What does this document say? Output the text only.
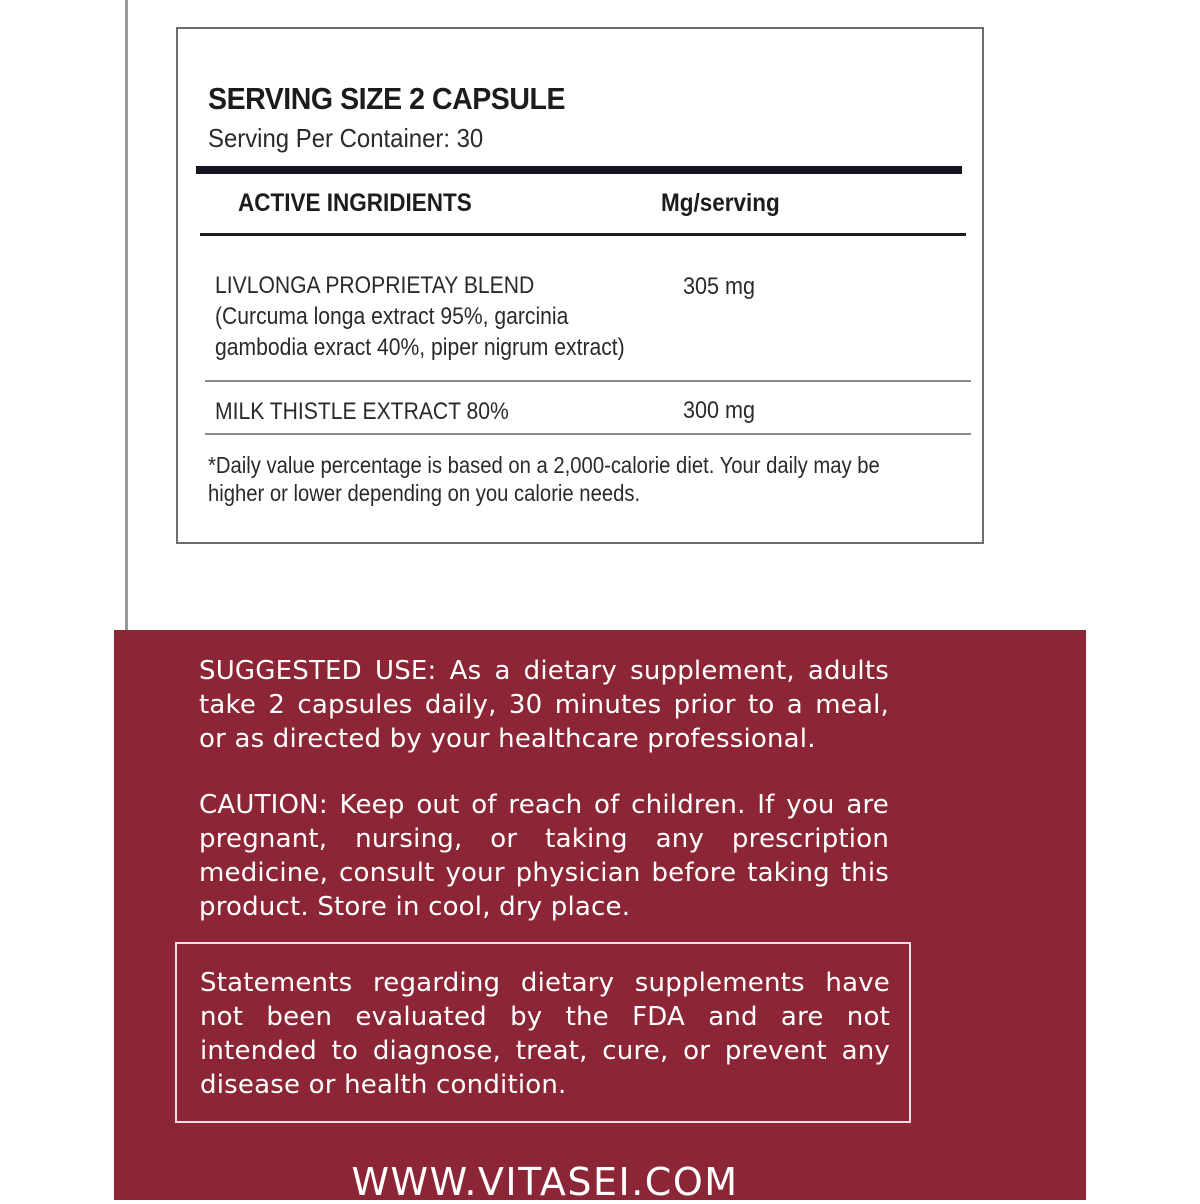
SERVING SIZE 2 CAPSULE
Serving Per Container: 30
ACTIVE INGRIDIENTS	Mg/serving
LIVLONGA PROPRIETAY BLEND
(Curcuma longa extract 95%, garcinia
gambodia exract 40%, piper nigrum extract)
305 mg
MILK THISTLE EXTRACT 80%	300 mg
*Daily value percentage is based on a 2,000-calorie diet. Your daily may be
higher or lower depending on you calorie needs.
SUGGESTED USE: As a dietary supplement, adults take 2 capsules daily, 30 minutes prior to a meal, or as directed by your healthcare professional.
CAUTION: Keep out of reach of children. If you are pregnant, nursing, or taking any prescription medicine, consult your physician before taking this product. Store in cool, dry place.
Statements regarding dietary supplements have not been evaluated by the FDA and are not intended to diagnose, treat, cure, or prevent any disease or health condition.
WWW.VITASEI.COM
